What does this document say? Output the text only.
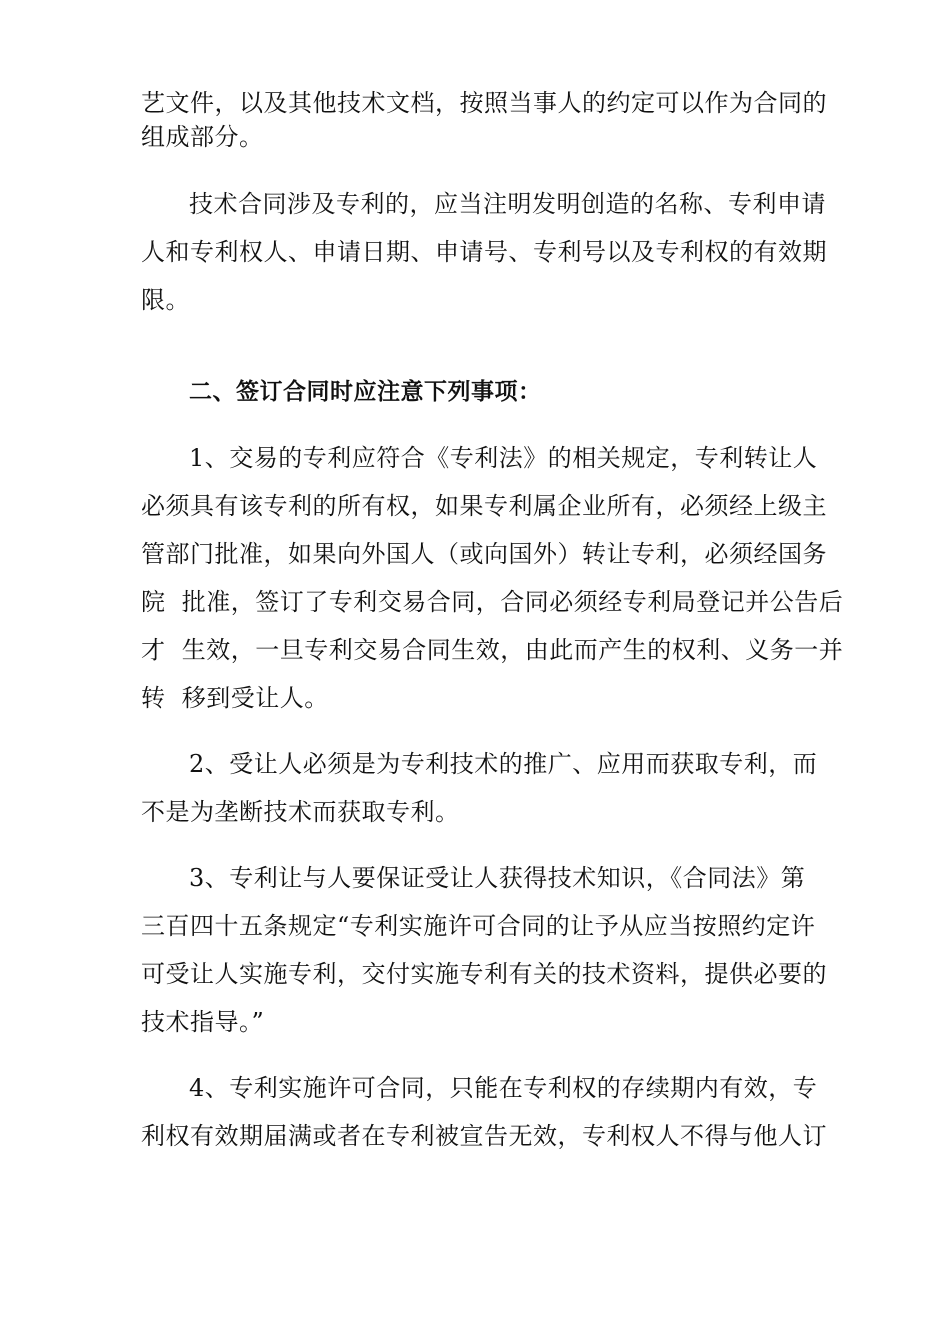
艺文件，以及其他技术文档，按照当事人的约定可以作为合同的
组成部分。
技术合同涉及专利的，应当注明发明创造的名称、专利申请
人和专利权人、申请日期、申请号、专利号以及专利权的有效期
限。
二、签订合同时应注意下列事项：
1、交易的专利应符合《专利法》的相关规定，专利转让人
必须具有该专利的所有权，如果专利属企业所有，必须经上级主
管部门批准，如果向外国人（或向国外）转让专利，必须经国务
院  批准，签订了专利交易合同，合同必须经专利局登记并公告后
才  生效，一旦专利交易合同生效，由此而产生的权利、义务一并
转  移到受让人。
2、受让人必须是为专利技术的推广、应用而获取专利，而
不是为垄断技术而获取专利。
3、专利让与人要保证受让人获得技术知识，《合同法》第
三百四十五条规定“专利实施许可合同的让予从应当按照约定许
可受让人实施专利，交付实施专利有关的技术资料，提供必要的
技术指导。”
4、专利实施许可合同，只能在专利权的存续期内有效，专
利权有效期届满或者在专利被宣告无效，专利权人不得与他人订
